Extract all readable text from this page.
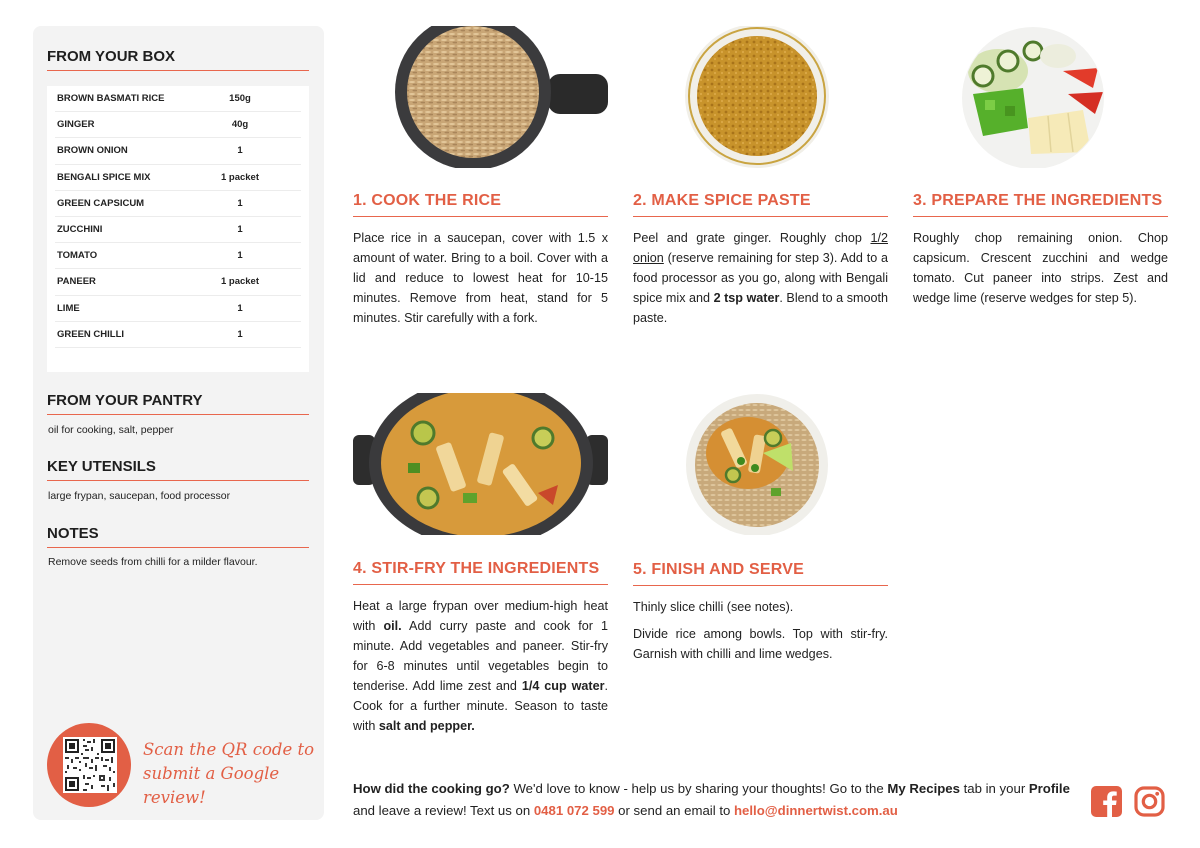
FROM YOUR BOX
BROWN BASMATI RICE	150g
GINGER	40g
BROWN ONION	1
BENGALI SPICE MIX	1 packet
GREEN CAPSICUM	1
ZUCCHINI	1
TOMATO	1
PANEER	1 packet
LIME	1
GREEN CHILLI	1
FROM YOUR PANTRY
oil for cooking, salt, pepper
KEY UTENSILS
large frypan, saucepan, food processor
NOTES
Remove seeds from chilli for a milder flavour.
Scan the QR code to
submit a Google review!
1. COOK THE RICE
Place rice in a saucepan, cover with 1.5 x amount of water. Bring to a boil. Cover with a lid and reduce to lowest heat for 10-15 minutes. Remove from heat, stand for 5 minutes. Stir carefully with a fork.
2. MAKE SPICE PASTE
Peel and grate ginger. Roughly chop 1/2 onion (reserve remaining for step 3). Add to a food processor as you go, along with Bengali spice mix and 2 tsp water. Blend to a smooth paste.
3. PREPARE THE INGREDIENTS
Roughly chop remaining onion. Chop capsicum. Crescent zucchini and wedge tomato. Cut paneer into strips. Zest and wedge lime (reserve wedges for step 5).
4. STIR-FRY THE INGREDIENTS
Heat a large frypan over medium-high heat with oil. Add curry paste and cook for 1 minute. Add vegetables and paneer. Stir-fry for 6-8 minutes until vegetables begin to tenderise. Add lime zest and 1/4 cup water. Cook for a further minute. Season to taste with salt and pepper.
5. FINISH AND SERVE

Thinly slice chilli (see notes).

Divide rice among bowls. Top with stir-fry. Garnish with chilli and lime wedges.

How did the cooking go? We'd love to know - help us by sharing your thoughts! Go to the My Recipes tab in your Profile and leave a review! Text us on 0481 072 599 or send an email to hello@dinnertwist.com.au
